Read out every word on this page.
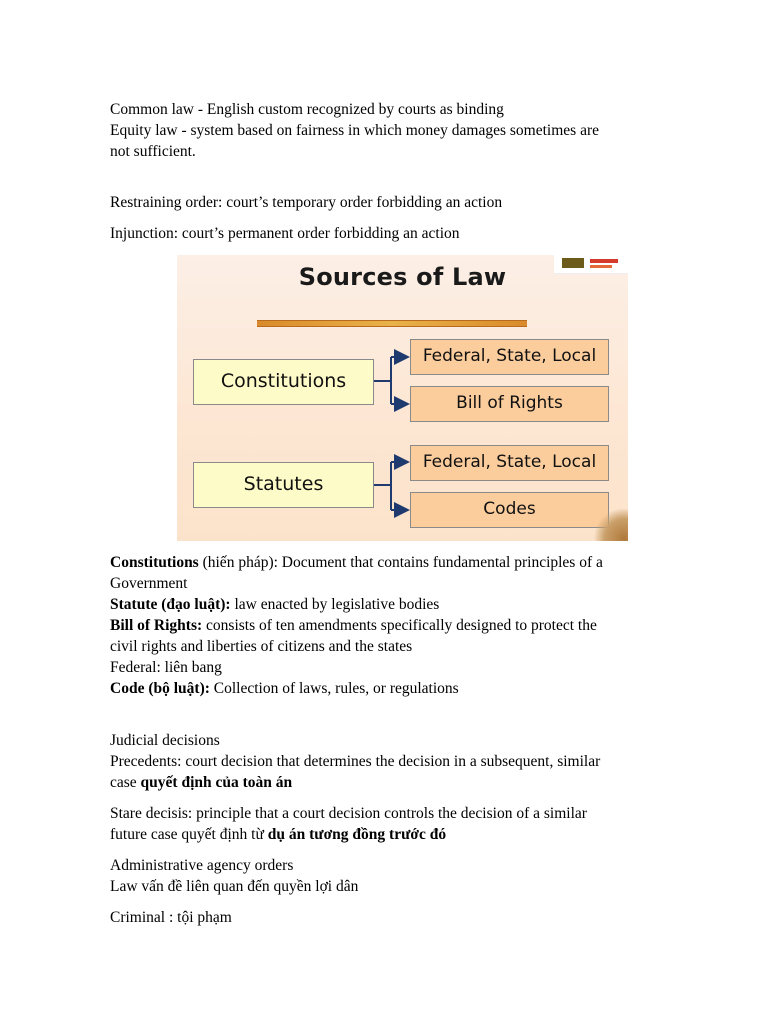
Common law - English custom recognized by courts as binding

Equity law - system based on fairness in which money damages sometimes are

not sufficient.

Restraining order: court’s temporary order forbidding an action

Injunction: court’s permanent order forbidding an action

Sources of Law
Constitutions
Statutes
Federal, State, Local
Bill of Rights
Federal, State, Local
Codes

Constitutions (hiến pháp): Document that contains fundamental principles of a

Government

Statute (đạo luật): law enacted by legislative bodies

Bill of Rights: consists of ten amendments specifically designed to protect the

civil rights and liberties of citizens and the states

Federal: liên bang

Code (bộ luật): Collection of laws, rules, or regulations

Judicial decisions

Precedents: court decision that determines the decision in a subsequent, similar

case quyết định của toàn án

Stare decisis: principle that a court decision controls the decision of a similar

future case quyết định từ dụ án tương đồng trước đó

Administrative agency orders

Law vấn đề liên quan đến quyền lợi dân

Criminal : tội phạm
